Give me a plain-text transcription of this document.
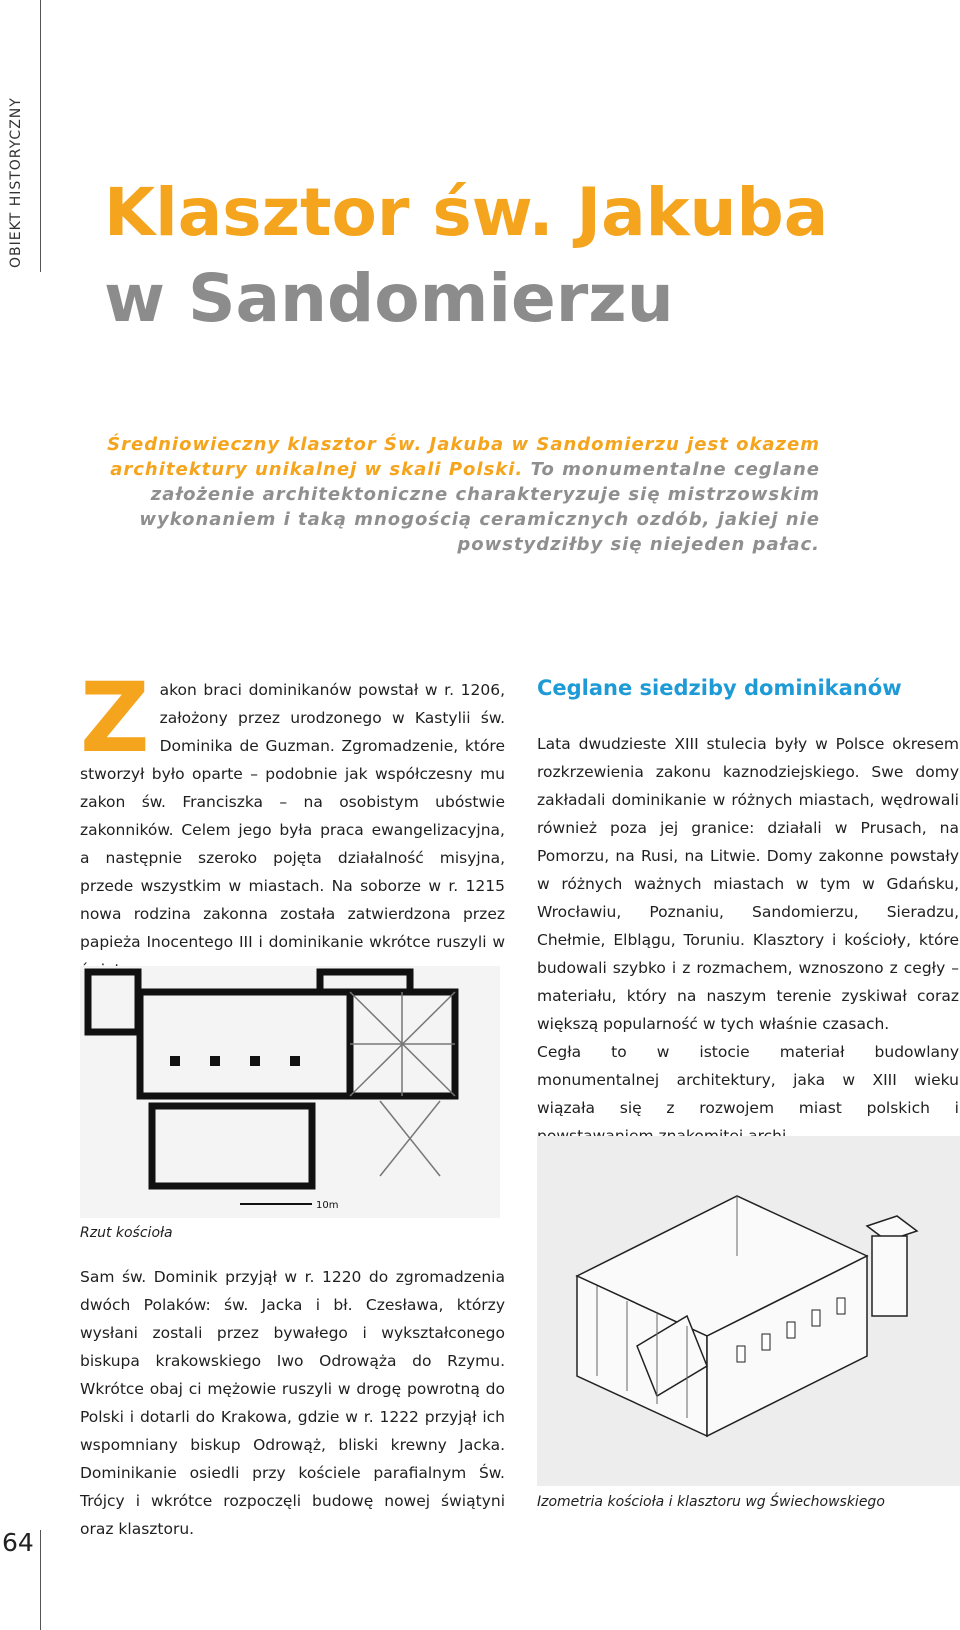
OBIEKT HISTORYCZNY
64
Klasztor św. Jakuba
w Sandomierzu

Średniowieczny klasztor Św. Jakuba w Sandomierzu jest okazem architektury unikalnej w skali Polski. To monumentalne ceglane założenie architektoniczne charakteryzuje się mistrzowskim wykonaniem i taką mnogością ceramicznych ozdób, jakiej nie powstydziłby się niejeden pałac.

Z akon braci dominikanów powstał w r. 1206, założony przez urodzonego w Kastylii św. Dominika de Guzman. Zgromadzenie, które stworzył było oparte – podobnie jak współczesny mu zakon św. Franciszka – na osobistym ubóstwie zakonników. Celem jego była praca ewangelizacyjna, a następnie szeroko pojęta działalność misyjna, przede wszystkim w miastach. Na soborze w r. 1215 nowa rodzina zakonna została zatwierdzona przez papieża Inocentego III i dominikanie wkrótce ruszyli w
Ceglane siedziby dominikanów

Lata dwudzieste XIII stulecia były w Polsce okresem rozkrzewienia zakonu kaznodziejskiego. Swe domy zakładali dominikanie w różnych miastach, wędrowali również poza jej granice: działali w Prusach, na Pomorzu, na Rusi, na Litwie. Domy zakonne powstały w różnych ważnych miastach w tym w Gdańsku, Wrocławiu, Poznaniu, Sandomierzu, Sieradzu, Chełmie, Elblągu, Toruniu. Klasztory i kościoły, które budowali szybko i z rozmachem, wznoszono z cegły – materiału, który na naszym terenie zyskiwał coraz większą popularność w tych właśnie czasach.

Cegła to w istocie materiał budowlany monumentalnej architektury, jaka w XIII wieku wiązała się z rozwojem miast polskich i

10m
Rzut kościoła
Sam św. Dominik przyjął w r. 1220 do zgromadzenia dwóch Polaków: św. Jacka i bł. Czesława, którzy wysłani zostali przez bywałego i wykształconego biskupa krakowskiego Iwo Odrowąża do Rzymu. Wkrótce obaj ci mężowie ruszyli w drogę powrotną do Polski i dotarli do Krakowa, gdzie w r. 1222 przyjął ich wspomniany biskup Odrowąż, bliski krewny Jacka. Dominikanie osiedli przy kościele parafialnym Św. Trójcy i wkrótce rozpoczęli budowę nowej świątyni oraz klasztoru.
Izometria kościoła i klasztoru wg Świechowskiego
